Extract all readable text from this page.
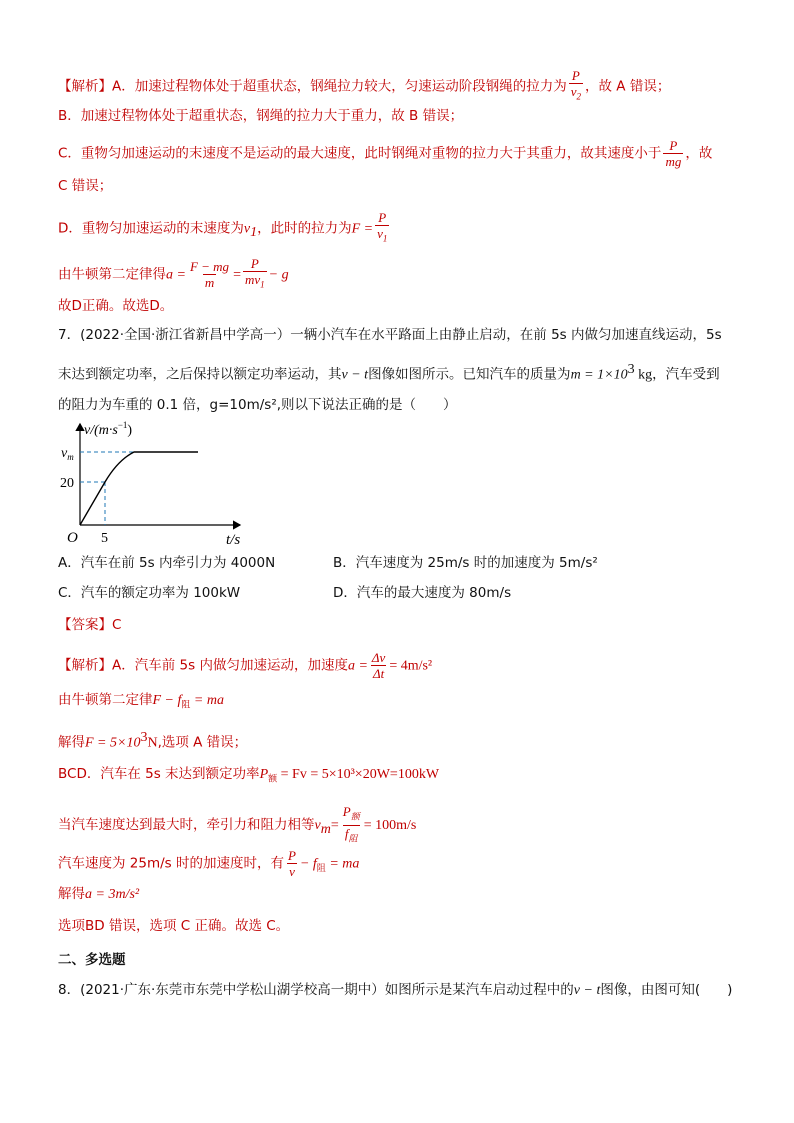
【解析】A．加速过程物体处于超重状态，钢绳拉力较大，匀速运动阶段钢绳的拉力为 $\frac{P}{v_2}$ ，故 A 错误；
B．加速过程物体处于超重状态，钢绳的拉力大于重力，故 B 错误；
C．重物匀加速运动的末速度不是运动的最大速度，此时钢绳对重物的拉力大于其重力，故其速度小于 $\frac{P}{mg}$ ，故
C 错误；
D．重物匀加速运动的末速度为$v_1$，此时的拉力为$F = \frac{P}{v_1}$
由牛顿第二定律得$a = \frac{F - mg}{m} = \frac{P}{mv_1} - g$
故D正确。故选D。
7．(2022·全国·浙江省新昌中学高一）一辆小汽车在水平路面上由静止启动，在前 5s 内做匀加速直线运动，5s
末达到额定功率，之后保持以额定功率运动，其v − t图像如图所示。已知汽车的质量为$m = 1\times 10^3$ kg，汽车受到
的阻力为车重的 0.1 倍，g=10m/s²,则以下说法正确的是（　　）
$v/(m\cdot s^{-1})$
$v_m$
20
O 5	t/s
A．汽车在前 5s 内牵引力为 4000N	B．汽车速度为 25m/s 时的加速度为 5m/s²
C．汽车的额定功率为 100kW	D．汽车的最大速度为 80m/s
【答案】C
【解析】A．汽车前 5s 内做匀加速运动，加速度$a = \frac{\Delta v}{\Delta t} = 4m/s^2$
由牛顿第二定律$F - f_阻$ = ma
解得$F = 5\times 10^3N$,选项 A 错误；
BCD．汽车在 5s 末达到额定功率$P_额 = Fv = 5\times 10^3\times 20W=100kW$
当汽车速度达到最大时，牵引力和阻力相等$v_m= \frac{P_额}{f_阻} = 100m/s$
汽车速度为 25m/s 时的加速度时，有 $\frac{P}{v} - f_阻$ = ma
解得a = 3m/s²
选项BD 错误，选项 C 正确。故选 C。
二、多选题
8．(2021·广东·东莞市东莞中学松山湖学校高一期中）如图所示是某汽车启动过程中的v − t图像，由图可知(　　)
